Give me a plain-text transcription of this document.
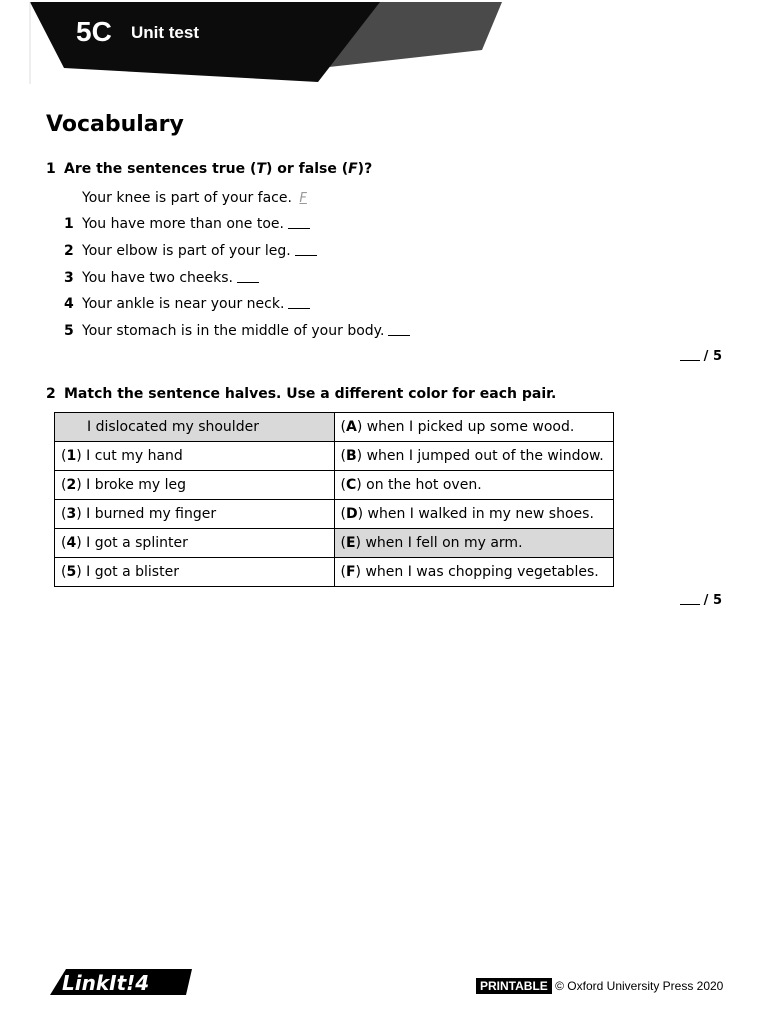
5C Unit test
Vocabulary
1 Are the sentences true (T) or false (F)?
Your knee is part of your face. F
1 You have more than one toe.
2 Your elbow is part of your leg.
3 You have two cheeks.
4 Your ankle is near your neck.
5 Your stomach is in the middle of your body.
/ 5
2 Match the sentence halves. Use a different color for each pair.
I dislocated my shoulder	(A) when I picked up some wood.
(1) I cut my hand	(B) when I jumped out of the window.
(2) I broke my leg	(C) on the hot oven.
(3) I burned my finger	(D) when I walked in my new shoes.
(4) I got a splinter	(E) when I fell on my arm.
(5) I got a blister	(F) when I was chopping vegetables.
/ 5
LinkIt!4	PRINTABLE © Oxford University Press 2020
